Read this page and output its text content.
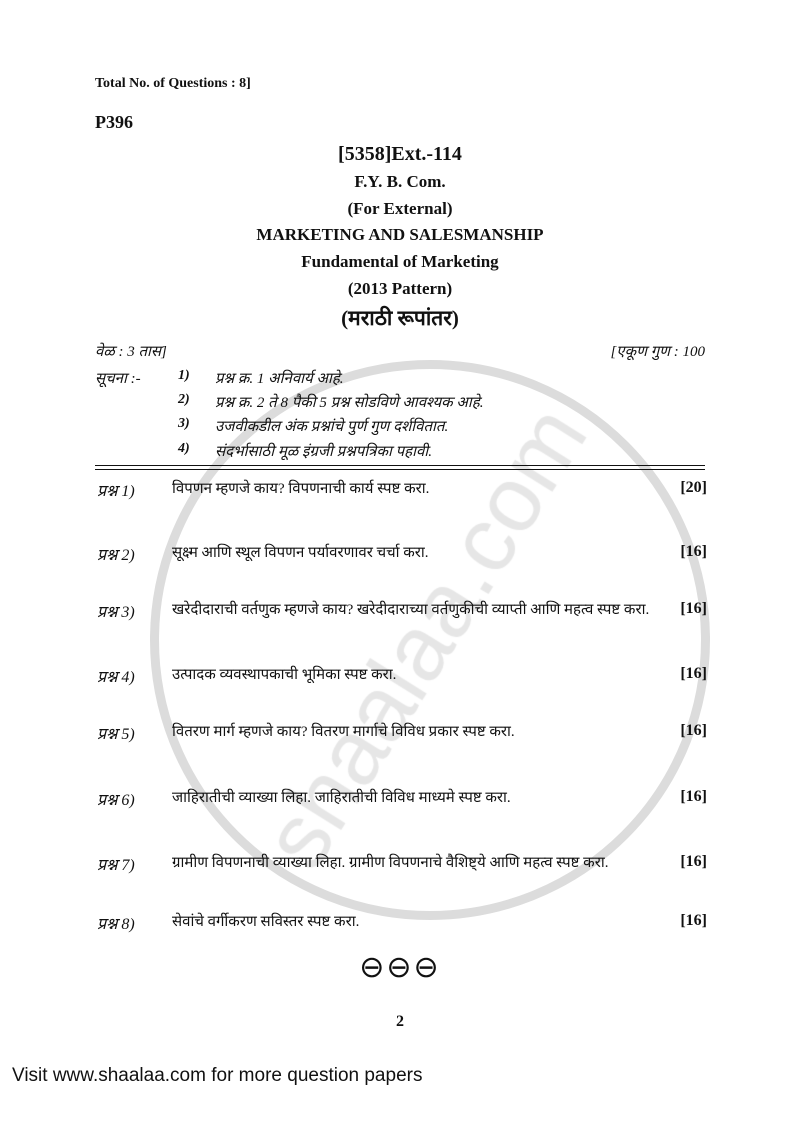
Total No. of Questions : 8]
P396
[5358]Ext.-114
F.Y. B. Com.
(For External)
MARKETING AND SALESMANSHIP
Fundamental of Marketing
(2013 Pattern)
(मराठी रूपांतर)
वेळ : 3 तास]	[एकूण गुण : 100
सूचना :-	1) प्रश्न क्र. 1 अनिवार्य आहे.
2) प्रश्न क्र. 2 ते 8 पैकी 5 प्रश्न सोडविणे आवश्यक आहे.
3) उजवीकडील अंक प्रश्नांचे पुर्ण गुण दर्शवितात.
4) संदर्भासाठी मूळ इंग्रजी प्रश्नपत्रिका पहावी.
प्रश्न 1) विपणन म्हणजे काय? विपणनाची कार्य स्पष्ट करा.	[20]
प्रश्न 2) सूक्ष्म आणि स्थूल विपणन पर्यावरणावर चर्चा करा.	[16]
प्रश्न 3) खरेदीदाराची वर्तणुक म्हणजे काय? खरेदीदाराच्या वर्तणुकीची व्याप्ती आणि महत्व स्पष्ट करा.	[16]
प्रश्न 4) उत्पादक व्यवस्थापकाची भूमिका स्पष्ट करा.	[16]
प्रश्न 5) वितरण मार्ग म्हणजे काय? वितरण मार्गाचे विविध प्रकार स्पष्ट करा.	[16]
प्रश्न 6) जाहिरातीची व्याख्या लिहा. जाहिरातीची विविध माध्यमे स्पष्ट करा.	[16]
प्रश्न 7) ग्रामीण विपणनाची व्याख्या लिहा. ग्रामीण विपणनाचे वैशिष्ट्ये आणि महत्व स्पष्ट करा.	[16]
प्रश्न 8) सेवांचे वर्गीकरण सविस्तर स्पष्ट करा.	[16]
⊖⊖⊖
2
Visit www.shaalaa.com for more question papers
